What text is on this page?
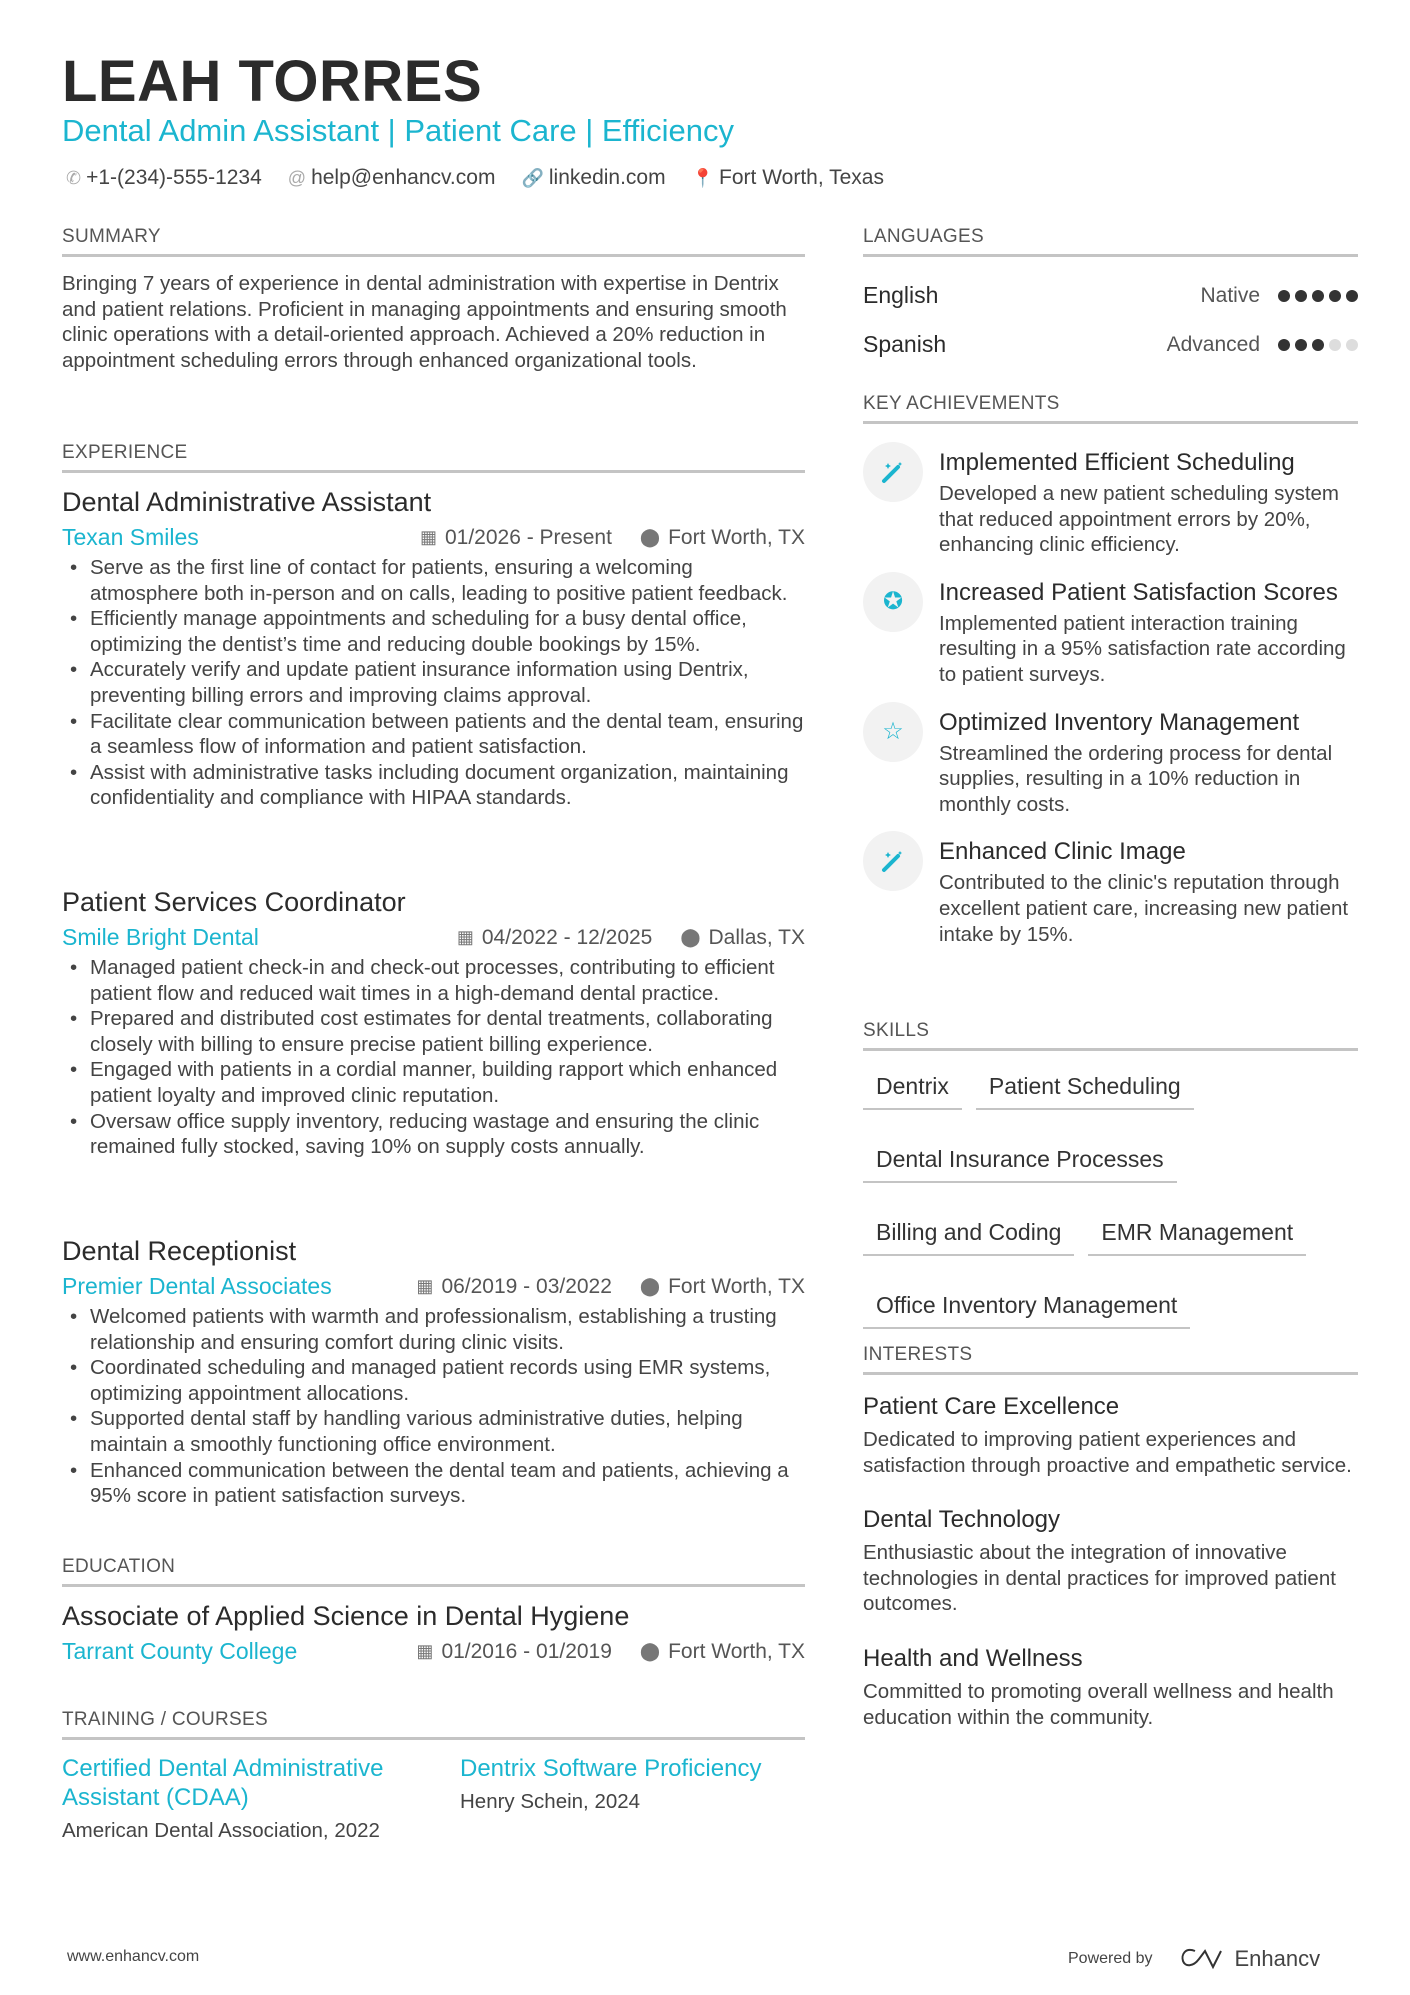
LEAH TORRES
Dental Admin Assistant | Patient Care | Efficiency
✆ +1-(234)-555-1234 @ help@enhancv.com 🔗 linkedin.com 📍 Fort Worth, Texas
SUMMARY
Bringing 7 years of experience in dental administration with expertise in Dentrix and patient relations. Proficient in managing appointments and ensuring smooth clinic operations with a detail-oriented approach. Achieved a 20% reduction in appointment scheduling errors through enhanced organizational tools.
EXPERIENCE
Dental Administrative Assistant
Texan Smiles	▦ 01/2026 - Present ⬤ Fort Worth, TX
• Serve as the first line of contact for patients, ensuring a welcoming atmosphere both in-person and on calls, leading to positive patient feedback.
• Efficiently manage appointments and scheduling for a busy dental office, optimizing the dentist’s time and reducing double bookings by 15%.
• Accurately verify and update patient insurance information using Dentrix, preventing billing errors and improving claims approval.
• Facilitate clear communication between patients and the dental team, ensuring a seamless flow of information and patient satisfaction.
• Assist with administrative tasks including document organization, maintaining confidentiality and compliance with HIPAA standards.
Patient Services Coordinator
Smile Bright Dental	▦ 04/2022 - 12/2025 ⬤ Dallas, TX
• Managed patient check-in and check-out processes, contributing to efficient patient flow and reduced wait times in a high-demand dental practice.
• Prepared and distributed cost estimates for dental treatments, collaborating closely with billing to ensure precise patient billing experience.
• Engaged with patients in a cordial manner, building rapport which enhanced patient loyalty and improved clinic reputation.
• Oversaw office supply inventory, reducing wastage and ensuring the clinic remained fully stocked, saving 10% on supply costs annually.
Dental Receptionist
Premier Dental Associates	▦ 06/2019 - 03/2022 ⬤ Fort Worth, TX
• Welcomed patients with warmth and professionalism, establishing a trusting relationship and ensuring comfort during clinic visits.
• Coordinated scheduling and managed patient records using EMR systems, optimizing appointment allocations.
• Supported dental staff by handling various administrative duties, helping maintain a smoothly functioning office environment.
• Enhanced communication between the dental team and patients, achieving a 95% score in patient satisfaction surveys.
EDUCATION
Associate of Applied Science in Dental Hygiene
Tarrant County College	▦ 01/2016 - 01/2019 ⬤ Fort Worth, TX
TRAINING / COURSES
Certified Dental Administrative Assistant (CDAA)
American Dental Association, 2022
Dentrix Software Proficiency
Henry Schein, 2024
LANGUAGES
English	Native
Spanish	Advanced
KEY ACHIEVEMENTS
Implemented Efficient Scheduling
Developed a new patient scheduling system that reduced appointment errors by 20%, enhancing clinic efficiency.
✪	Increased Patient Satisfaction Scores
Implemented patient interaction training resulting in a 95% satisfaction rate according to patient surveys.
☆	Optimized Inventory Management
Streamlined the ordering process for dental supplies, resulting in a 10% reduction in monthly costs.
Enhanced Clinic Image
Contributed to the clinic's reputation through excellent patient care, increasing new patient intake by 15%.
SKILLS
Dentrix	Patient Scheduling
Dental Insurance Processes
Billing and Coding	EMR Management
Office Inventory Management
INTERESTS
Patient Care Excellence
Dedicated to improving patient experiences and satisfaction through proactive and empathetic service.
Dental Technology
Enthusiastic about the integration of innovative technologies in dental practices for improved patient outcomes.
Health and Wellness
Committed to promoting overall wellness and health education within the community.
www.enhancv.com	Powered by	Enhancv
